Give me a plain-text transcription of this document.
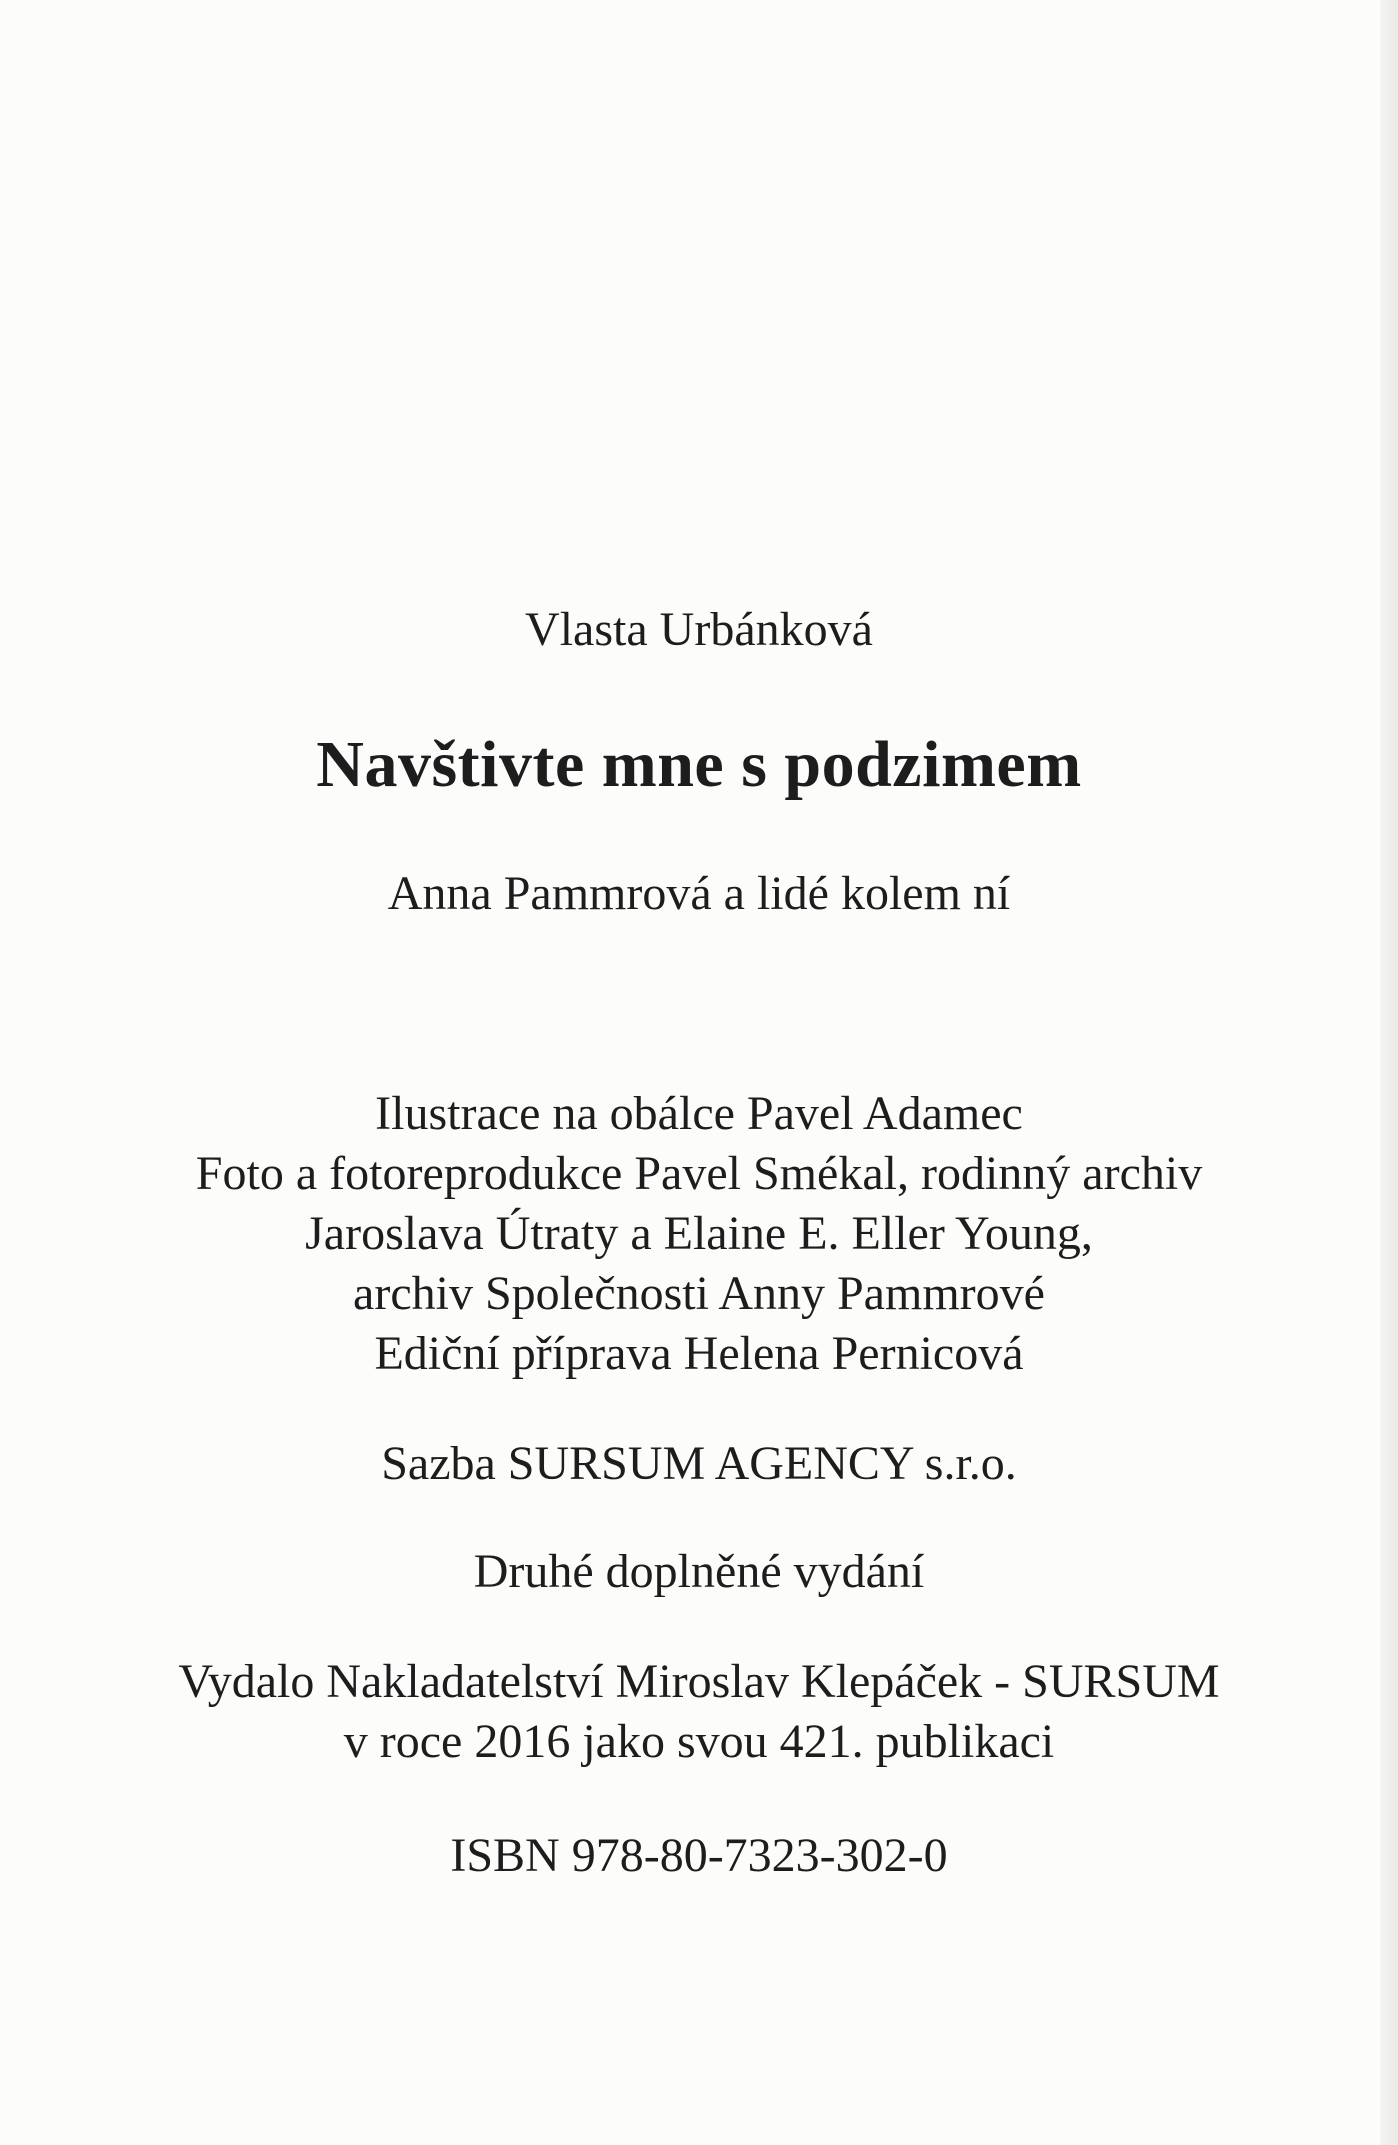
Vlasta Urbánková
Navštivte mne s podzimem
Anna Pammrová a lidé kolem ní
Ilustrace na obálce Pavel Adamec
Foto a fotoreprodukce Pavel Smékal, rodinný archiv
Jaroslava Útraty a Elaine E. Eller Young,
archiv Společnosti Anny Pammrové
Ediční příprava Helena Pernicová
Sazba SURSUM AGENCY s.r.o.
Druhé doplněné vydání
Vydalo Nakladatelství Miroslav Klepáček - SURSUM
v roce 2016 jako svou 421. publikaci
ISBN 978-80-7323-302-0
